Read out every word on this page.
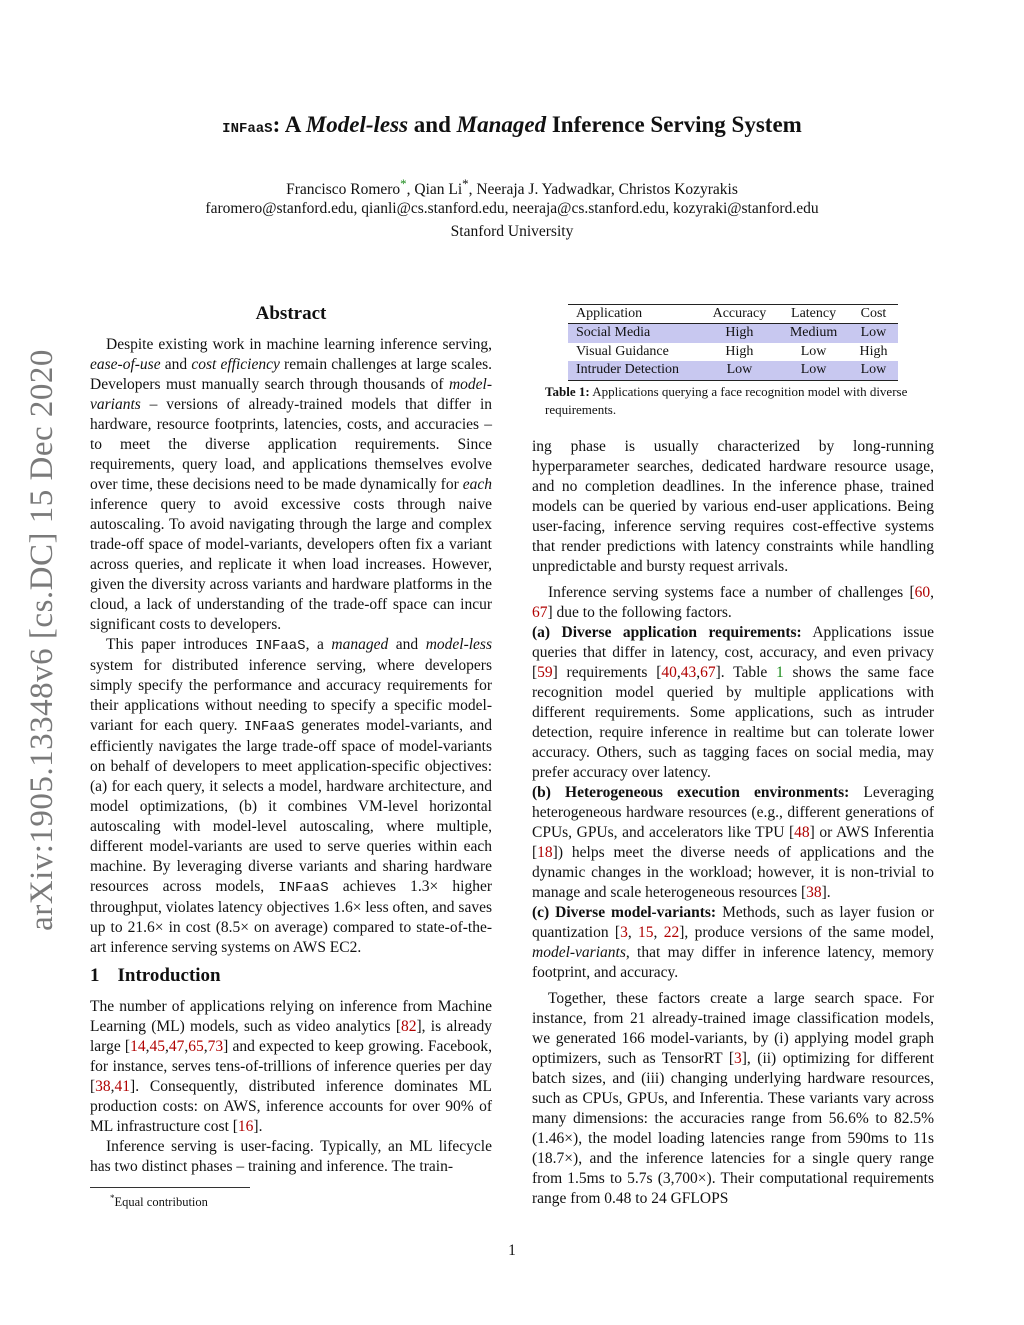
INFaaS: A Model-less and Managed Inference Serving System
Francisco Romero*, Qian Li*, Neeraja J. Yadwadkar, Christos Kozyrakis
faromero@stanford.edu, qianli@cs.stanford.edu, neeraja@cs.stanford.edu, kozyraki@stanford.edu
Stanford University
arXiv:1905.13348v6 [cs.DC] 15 Dec 2020
Abstract

Despite existing work in machine learning inference serving, ease-of-use and cost efficiency remain challenges at large scales. Developers must manually search through thousands of model-variants – versions of already-trained models that differ in hardware, resource footprints, latencies, costs, and accuracies – to meet the diverse application requirements. Since requirements, query load, and applications themselves evolve over time, these decisions need to be made dynamically for each inference query to avoid excessive costs through naive autoscaling. To avoid navigating through the large and complex trade-off space of model-variants, developers often fix a variant across queries, and replicate it when load increases. However, given the diversity across variants and hardware platforms in the cloud, a lack of understanding of the trade-off space can incur significant costs to developers.

This paper introduces INFaaS, a managed and model-less system for distributed inference serving, where developers simply specify the performance and accuracy requirements for their applications without needing to specify a specific model-variant for each query. INFaaS generates model-variants, and efficiently navigates the large trade-off space of model-variants on behalf of developers to meet application-specific objectives: (a) for each query, it selects a model, hardware architecture, and model optimizations, (b) it combines VM-level horizontal autoscaling with model-level autoscaling, where multiple, different model-variants are used to serve queries within each machine. By leveraging diverse variants and sharing hardware resources across models, INFaaS achieves 1.3× higher throughput, violates latency objectives 1.6× less often, and saves up to 21.6× in cost (8.5× on average) compared to state-of-the-art inference serving systems on AWS EC2.

1 Introduction

The number of applications relying on inference from Machine Learning (ML) models, such as video analytics [82], is already large [14,45,47,65,73] and expected to keep growing. Facebook, for instance, serves tens-of-trillions of inference queries per day [38,41]. Consequently, distributed inference dominates ML production costs: on AWS, inference accounts for over 90% of ML infrastructure cost [16].

Inference serving is user-facing. Typically, an ML lifecycle has two distinct phases – training and inference. The train-

*Equal contribution
Application	Accuracy	Latency	Cost
Social Media	High	Medium	Low
Visual Guidance	High	Low	High
Intruder Detection	Low	Low	Low
Table 1: Applications querying a face recognition model with diverse requirements.

ing phase is usually characterized by long-running hyperparameter searches, dedicated hardware resource usage, and no completion deadlines. In the inference phase, trained models can be queried by various end-user applications. Being user-facing, inference serving requires cost-effective systems that render predictions with latency constraints while handling unpredictable and bursty request arrivals.

Inference serving systems face a number of challenges [60, 67] due to the following factors.

(a) Diverse application requirements: Applications issue queries that differ in latency, cost, accuracy, and even privacy [59] requirements [40,43,67]. Table 1 shows the same face recognition model queried by multiple applications with different requirements. Some applications, such as intruder detection, require inference in realtime but can tolerate lower accuracy. Others, such as tagging faces on social media, may prefer accuracy over latency.

(b) Heterogeneous execution environments: Leveraging heterogeneous hardware resources (e.g., different generations of CPUs, GPUs, and accelerators like TPU [48] or AWS Inferentia [18]) helps meet the diverse needs of applications and the dynamic changes in the workload; however, it is non-trivial to manage and scale heterogeneous resources [38].

(c) Diverse model-variants: Methods, such as layer fusion or quantization [3, 15, 22], produce versions of the same model, model-variants, that may differ in inference latency, memory footprint, and accuracy.

Together, these factors create a large search space. For instance, from 21 already-trained image classification models, we generated 166 model-variants, by (i) applying model graph optimizers, such as TensorRT [3], (ii) optimizing for different batch sizes, and (iii) changing underlying hardware resources, such as CPUs, GPUs, and Inferentia. These variants vary across many dimensions: the accuracies range from 56.6% to 82.5% (1.46×), the model loading latencies range from 590ms to 11s (18.7×), and the inference latencies for a single query range from 1.5ms to 5.7s (3,700×). Their computational requirements range from 0.48 to 24 GFLOPS

1
